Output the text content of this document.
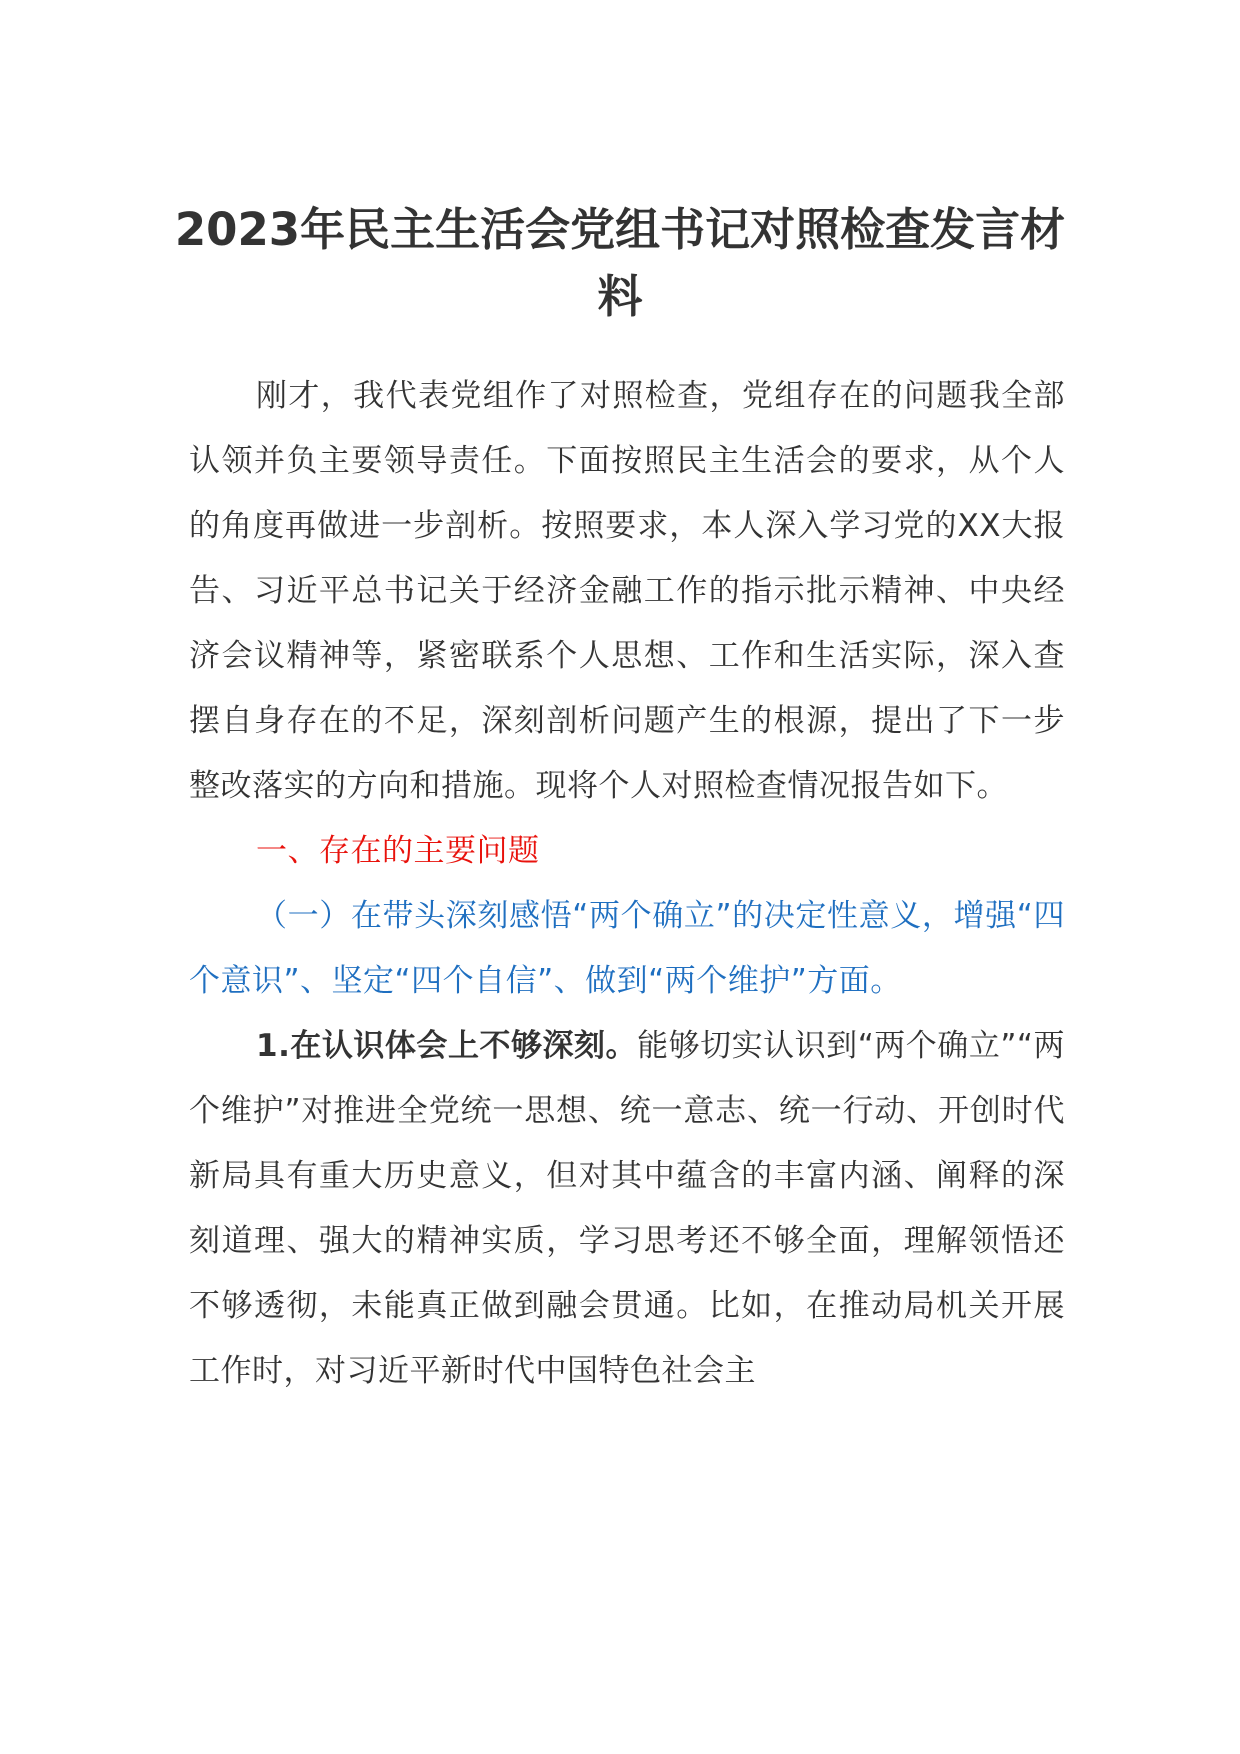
2023年民主生活会党组书记对照检查发言材料

刚才，我代表党组作了对照检查，党组存在的问题我全部认领并负主要领导责任。下面按照民主生活会的要求，从个人的角度再做进一步剖析。按照要求，本人深入学习党的XX大报告、习近平总书记关于经济金融工作的指示批示精神、中央经济会议精神等，紧密联系个人思想、工作和生活实际，深入查摆自身存在的不足，深刻剖析问题产生的根源，提出了下一步整改落实的方向和措施。现将个人对照检查情况报告如下。

一、存在的主要问题

（一）在带头深刻感悟“两个确立”的决定性意义，增强“四个意识”、坚定“四个自信”、做到“两个维护”方面。

1.在认识体会上不够深刻。能够切实认识到“两个确立”“两个维护”对推进全党统一思想、统一意志、统一行动、开创时代新局具有重大历史意义，但对其中蕴含的丰富内涵、阐释的深刻道理、强大的精神实质，学习思考还不够全面，理解领悟还不够透彻，未能真正做到融会贯通。比如，在推动局机关开展工作时，对习近平新时代中国特色社会主
